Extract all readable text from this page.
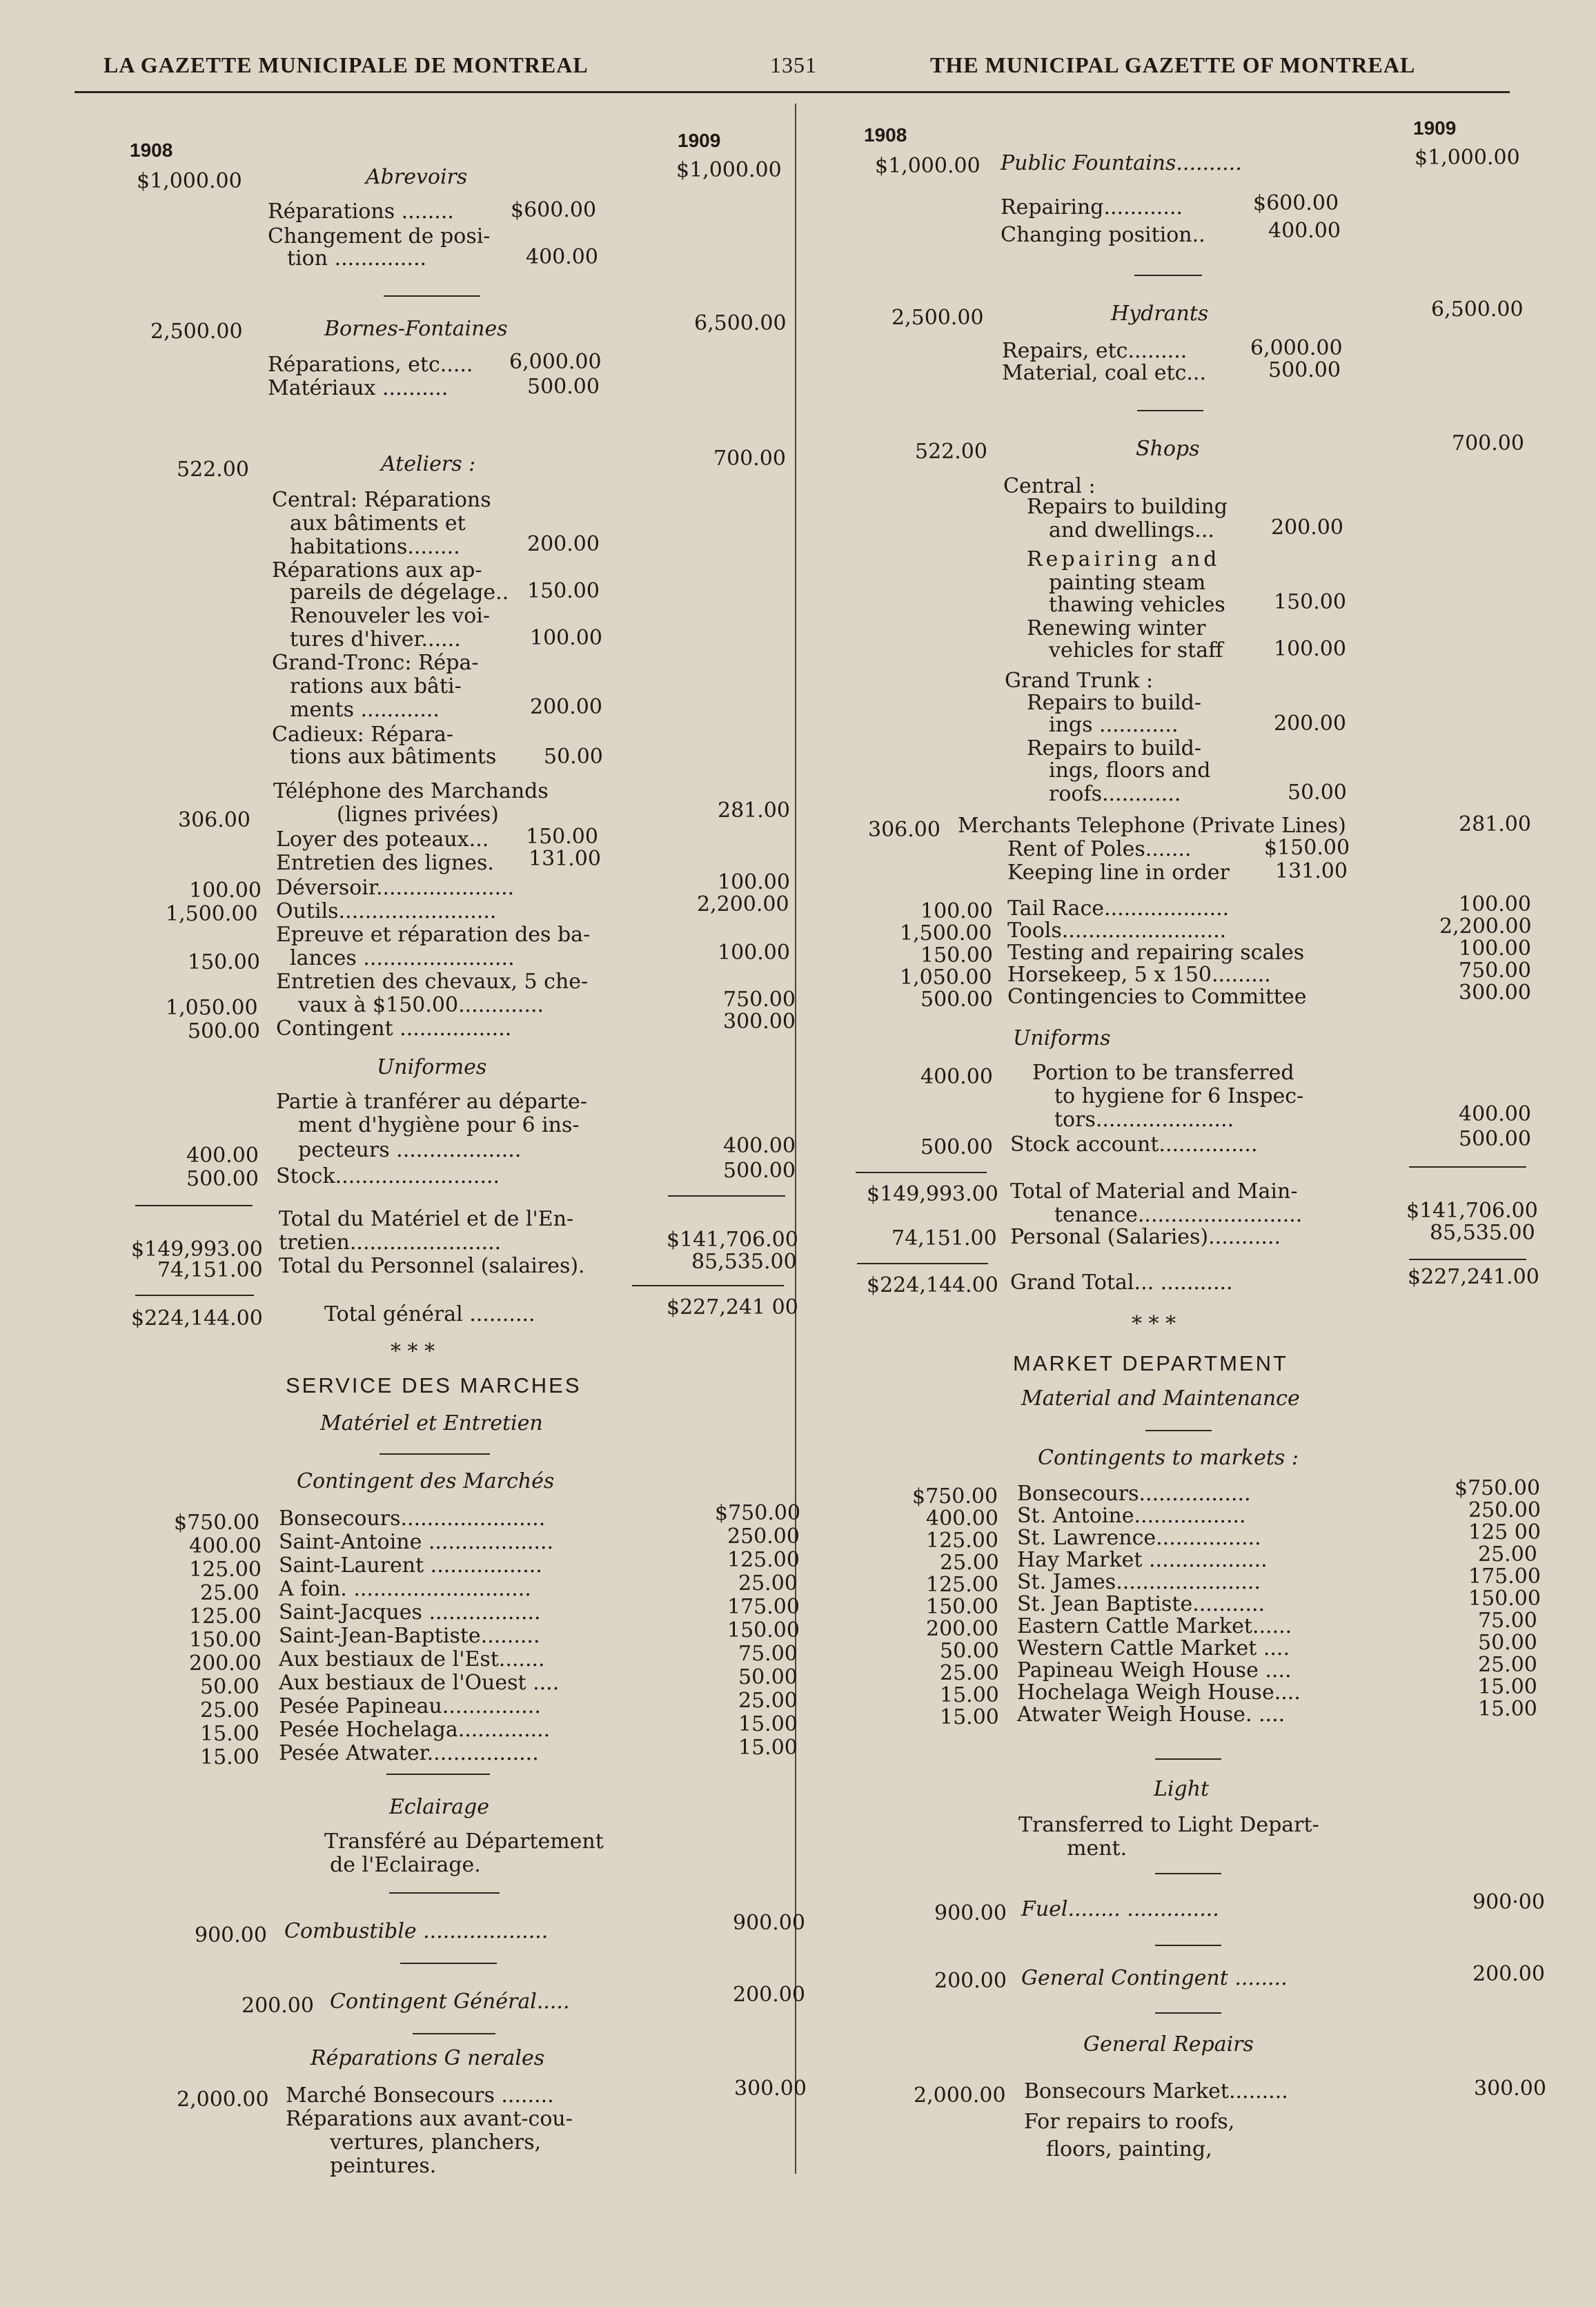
LA GAZETTE MUNICIPALE DE MONTREAL	1351	THE MUNICIPAL GAZETTE OF MONTREAL
1908	1909
$1,000.00	Abrevoirs	$1,000.00
Réparations ........	$600.00
Changement de posi-
tion ..............	400.00
2,500.00	Bornes-Fontaines	6,500.00
Réparations, etc..... 6,000.00
Matériaux ..........	500.00
522.00	Ateliers :	700.00
Central: Réparations
aux bâtiments et
habitations........	200.00
Réparations aux ap-
pareils de dégelage.. 150.00
Renouveler les voi-
tures d'hiver......	100.00
Grand-Tronc: Répa-
rations aux bâti-
ments ............	200.00
Cadieux: Répara-
tions aux bâtiments 50.00
Téléphone des Marchands
306.00	(lignes privées)	281.00
Loyer des poteaux... 150.00
Entretien des lignes. 131.00
100.00 Déversoir.....................	100.00
1,500.00 Outils........................	2,200.00
Epreuve et réparation des ba-
150.00 lances .......................	100.00
Entretien des chevaux, 5 che-
1,050.00 vaux à $150.00.............	750.00
500.00 Contingent .................	300.00
Uniformes
Partie à tranférer au départe-
ment d'hygiène pour 6 ins-
400.00 pecteurs ...................	400.00
500.00 Stock.........................	500.00
Total du Matériel et de l'En-
$149,993.00 tretien.......................	$141,706.00
74,151.00 Total du Personnel (salaires).	85,535.00
$224,144.00	Total général ..........	$227,241 00
* * *
SERVICE DES MARCHES
Matériel et Entretien
Contingent des Marchés
$750.00 Bonsecours......................	$750.00
400.00 Saint-Antoine ...................	250.00
125.00 Saint-Laurent .................	125.00
25.00 A foin. ...........................	25.00
125.00 Saint-Jacques .................	175.00
150.00 Saint-Jean-Baptiste.........	150.00
200.00 Aux bestiaux de l'Est.......	75.00
50.00 Aux bestiaux de l'Ouest ....	50.00
25.00 Pesée Papineau...............	25.00
15.00 Pesée Hochelaga..............	15.00
15.00 Pesée Atwater.................	15.00
Eclairage
Transféré au Département
de l'Eclairage.
900.00 Combustible ...................	900.00
200.00 Contingent Général.....	200.00
Réparations G nerales
2,000.00 Marché Bonsecours ........	300.00
Réparations aux avant-cou-
vertures, planchers,
peintures.
1908	1909
$1,000.00 Public Fountains..........	$1,000.00
Repairing............	$600.00
Changing position..	400.00
2,500.00	Hydrants	6,500.00
Repairs, etc.........	6,000.00
Material, coal etc...	500.00
522.00	Shops	700.00
Central :
Repairs to building
and dwellings...	200.00
Repairing and
painting steam
thawing vehicles 150.00
Renewing winter
vehicles for staff 100.00
Grand Trunk :
Repairs to build-
ings ............	200.00
Repairs to build-
ings, floors and
roofs............	50.00
306.00 Merchants Telephone (Private Lines)	281.00
Rent of Poles.......	$150.00
Keeping line in order 131.00
100.00 Tail Race...................	100.00
1,500.00 Tools.........................	2,200.00
150.00 Testing and repairing scales	100.00
1,050.00 Horsekeep, 5 x 150.........	750.00
500.00 Contingencies to Committee	300.00
Uniforms
400.00 Portion to be transferred
to hygiene for 6 Inspec-
tors.....................	400.00
500.00 Stock account...............	500.00
$149,993.00 Total of Material and Main-
tenance.........................	$141,706.00
74,151.00 Personal (Salaries)...........	85,535.00
$224,144.00 Grand Total... ...........	$227,241.00
* * *
MARKET DEPARTMENT
Material and Maintenance
Contingents to markets :
$750.00 Bonsecours.................	$750.00
400.00 St. Antoine.................	250.00
125.00 St. Lawrence................	125 00
25.00 Hay Market ..................	25.00
125.00 St. James......................	175.00
150.00 St. Jean Baptiste...........	150.00
200.00 Eastern Cattle Market......	75.00
50.00 Western Cattle Market ....	50.00
25.00 Papineau Weigh House ....	25.00
15.00 Hochelaga Weigh House....	15.00
15.00 Atwater Weigh House. ....	15.00
Light
Transferred to Light Depart-
ment.
900.00 Fuel........ ..............	900·00
200.00 General Contingent ........	200.00
General Repairs
2,000.00 Bonsecours Market.........	300.00
For repairs to roofs,
floors, painting,
